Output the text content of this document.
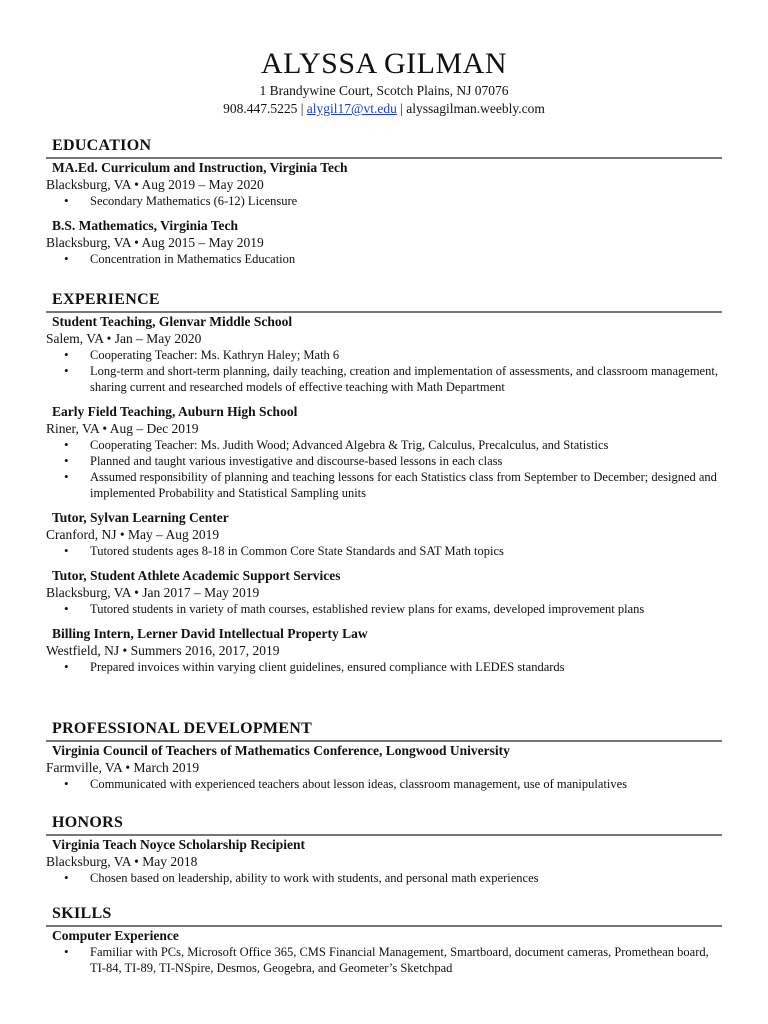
ALYSSA GILMAN
1 Brandywine Court, Scotch Plains, NJ 07076
908.447.5225 | alygil17@vt.edu | alyssagilman.weebly.com
EDUCATION
MA.Ed. Curriculum and Instruction, Virginia Tech
Blacksburg, VA • Aug 2019 – May 2020
• Secondary Mathematics (6-12) Licensure
B.S. Mathematics, Virginia Tech
Blacksburg, VA • Aug 2015 – May 2019
• Concentration in Mathematics Education
EXPERIENCE
Student Teaching, Glenvar Middle School
Salem, VA • Jan – May 2020
• Cooperating Teacher: Ms. Kathryn Haley; Math 6
• Long-term and short-term planning, daily teaching, creation and implementation of assessments, and classroom management, sharing current and researched models of effective teaching with Math Department
Early Field Teaching, Auburn High School
Riner, VA • Aug – Dec 2019
• Cooperating Teacher: Ms. Judith Wood; Advanced Algebra & Trig, Calculus, Precalculus, and Statistics
• Planned and taught various investigative and discourse-based lessons in each class
• Assumed responsibility of planning and teaching lessons for each Statistics class from September to December; designed and implemented Probability and Statistical Sampling units
Tutor, Sylvan Learning Center
Cranford, NJ • May – Aug 2019
• Tutored students ages 8-18 in Common Core State Standards and SAT Math topics
Tutor, Student Athlete Academic Support Services
Blacksburg, VA • Jan 2017 – May 2019
• Tutored students in variety of math courses, established review plans for exams, developed improvement plans
Billing Intern, Lerner David Intellectual Property Law
Westfield, NJ • Summers 2016, 2017, 2019
• Prepared invoices within varying client guidelines, ensured compliance with LEDES standards
PROFESSIONAL DEVELOPMENT
Virginia Council of Teachers of Mathematics Conference, Longwood University
Farmville, VA • March 2019
• Communicated with experienced teachers about lesson ideas, classroom management, use of manipulatives
HONORS
Virginia Teach Noyce Scholarship Recipient
Blacksburg, VA • May 2018
• Chosen based on leadership, ability to work with students, and personal math experiences
SKILLS
Computer Experience
• Familiar with PCs, Microsoft Office 365, CMS Financial Management, Smartboard, document cameras, Promethean board, TI-84, TI-89, TI-NSpire, Desmos, Geogebra, and Geometer’s Sketchpad
